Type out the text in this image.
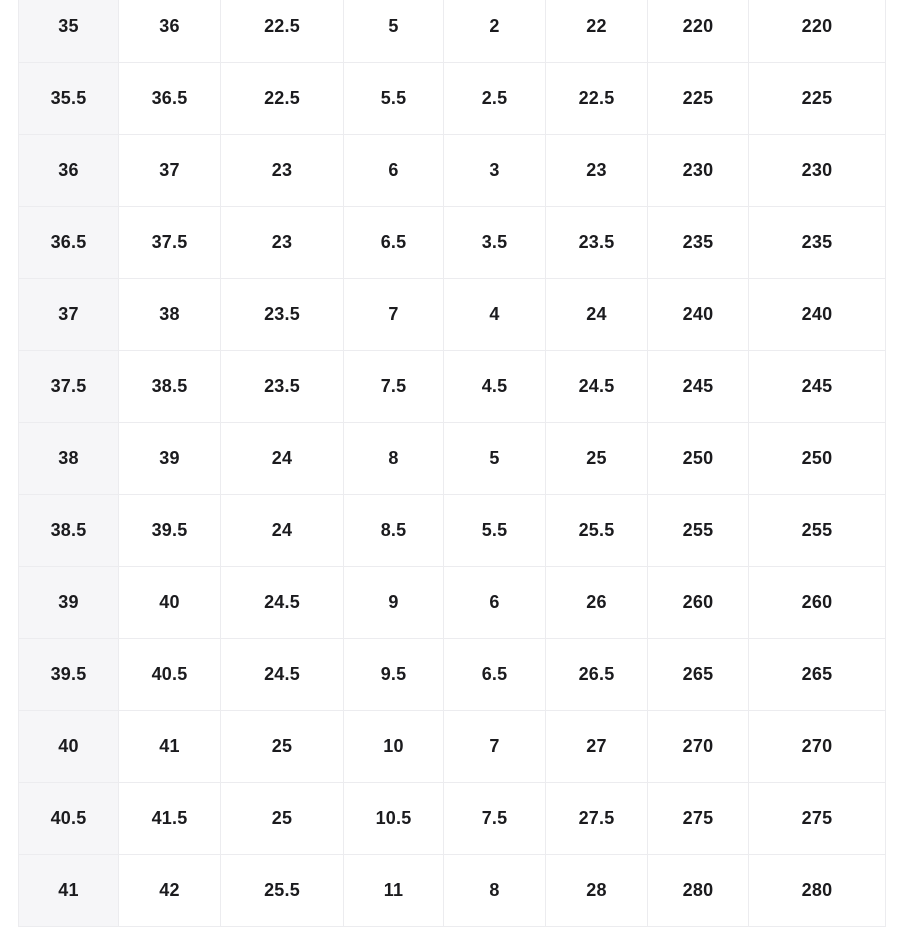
35	36	22.5	5	2	22	220	220
35.5	36.5	22.5	5.5	2.5	22.5	225	225
36	37	23	6	3	23	230	230
36.5	37.5	23	6.5	3.5	23.5	235	235
37	38	23.5	7	4	24	240	240
37.5	38.5	23.5	7.5	4.5	24.5	245	245
38	39	24	8	5	25	250	250
38.5	39.5	24	8.5	5.5	25.5	255	255
39	40	24.5	9	6	26	260	260
39.5	40.5	24.5	9.5	6.5	26.5	265	265
40	41	25	10	7	27	270	270
40.5	41.5	25	10.5	7.5	27.5	275	275
41	42	25.5	11	8	28	280	280
